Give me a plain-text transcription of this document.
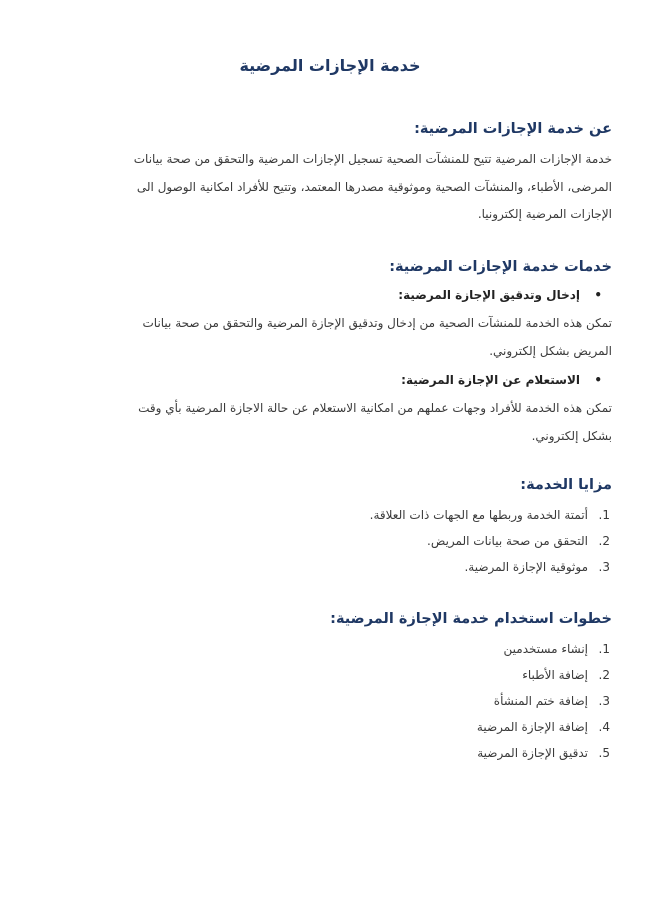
خدمة الإجازات المرضية
عن خدمة الإجازات المرضية:

خدمة الإجازات المرضية تتيح للمنشآت الصحية تسجيل الإجازات المرضية والتحقق من صحة بيانات

المرضى، الأطباء، والمنشآت الصحية وموثوقية مصدرها المعتمد، وتتيح للأفراد امكانية الوصول الى

الإجازات المرضية إلكترونيا.

خدمات خدمة الإجازات المرضية:
•
إدخال وتدقيق الإجازة المرضية:

تمكن هذه الخدمة للمنشآت الصحية من إدخال وتدقيق الإجازة المرضية والتحقق من صحة بيانات

المريض بشكل إلكتروني.

•
الاستعلام عن الإجازة المرضية:

تمكن هذه الخدمة للأفراد وجهات عملهم من امكانية الاستعلام عن حالة الاجازة المرضية بأي وقت

بشكل إلكتروني.

مزايا الخدمة:
1.
أتمتة الخدمة وربطها مع الجهات ذات العلاقة.
2.
التحقق من صحة بيانات المريض.
3.
موثوقية الإجازة المرضية.
خطوات استخدام خدمة الإجازة المرضية:
1.
إنشاء مستخدمين
2.
إضافة الأطباء
3.
إضافة ختم المنشأة
4.
إضافة الإجازة المرضية
5.
تدقيق الإجازة المرضية
